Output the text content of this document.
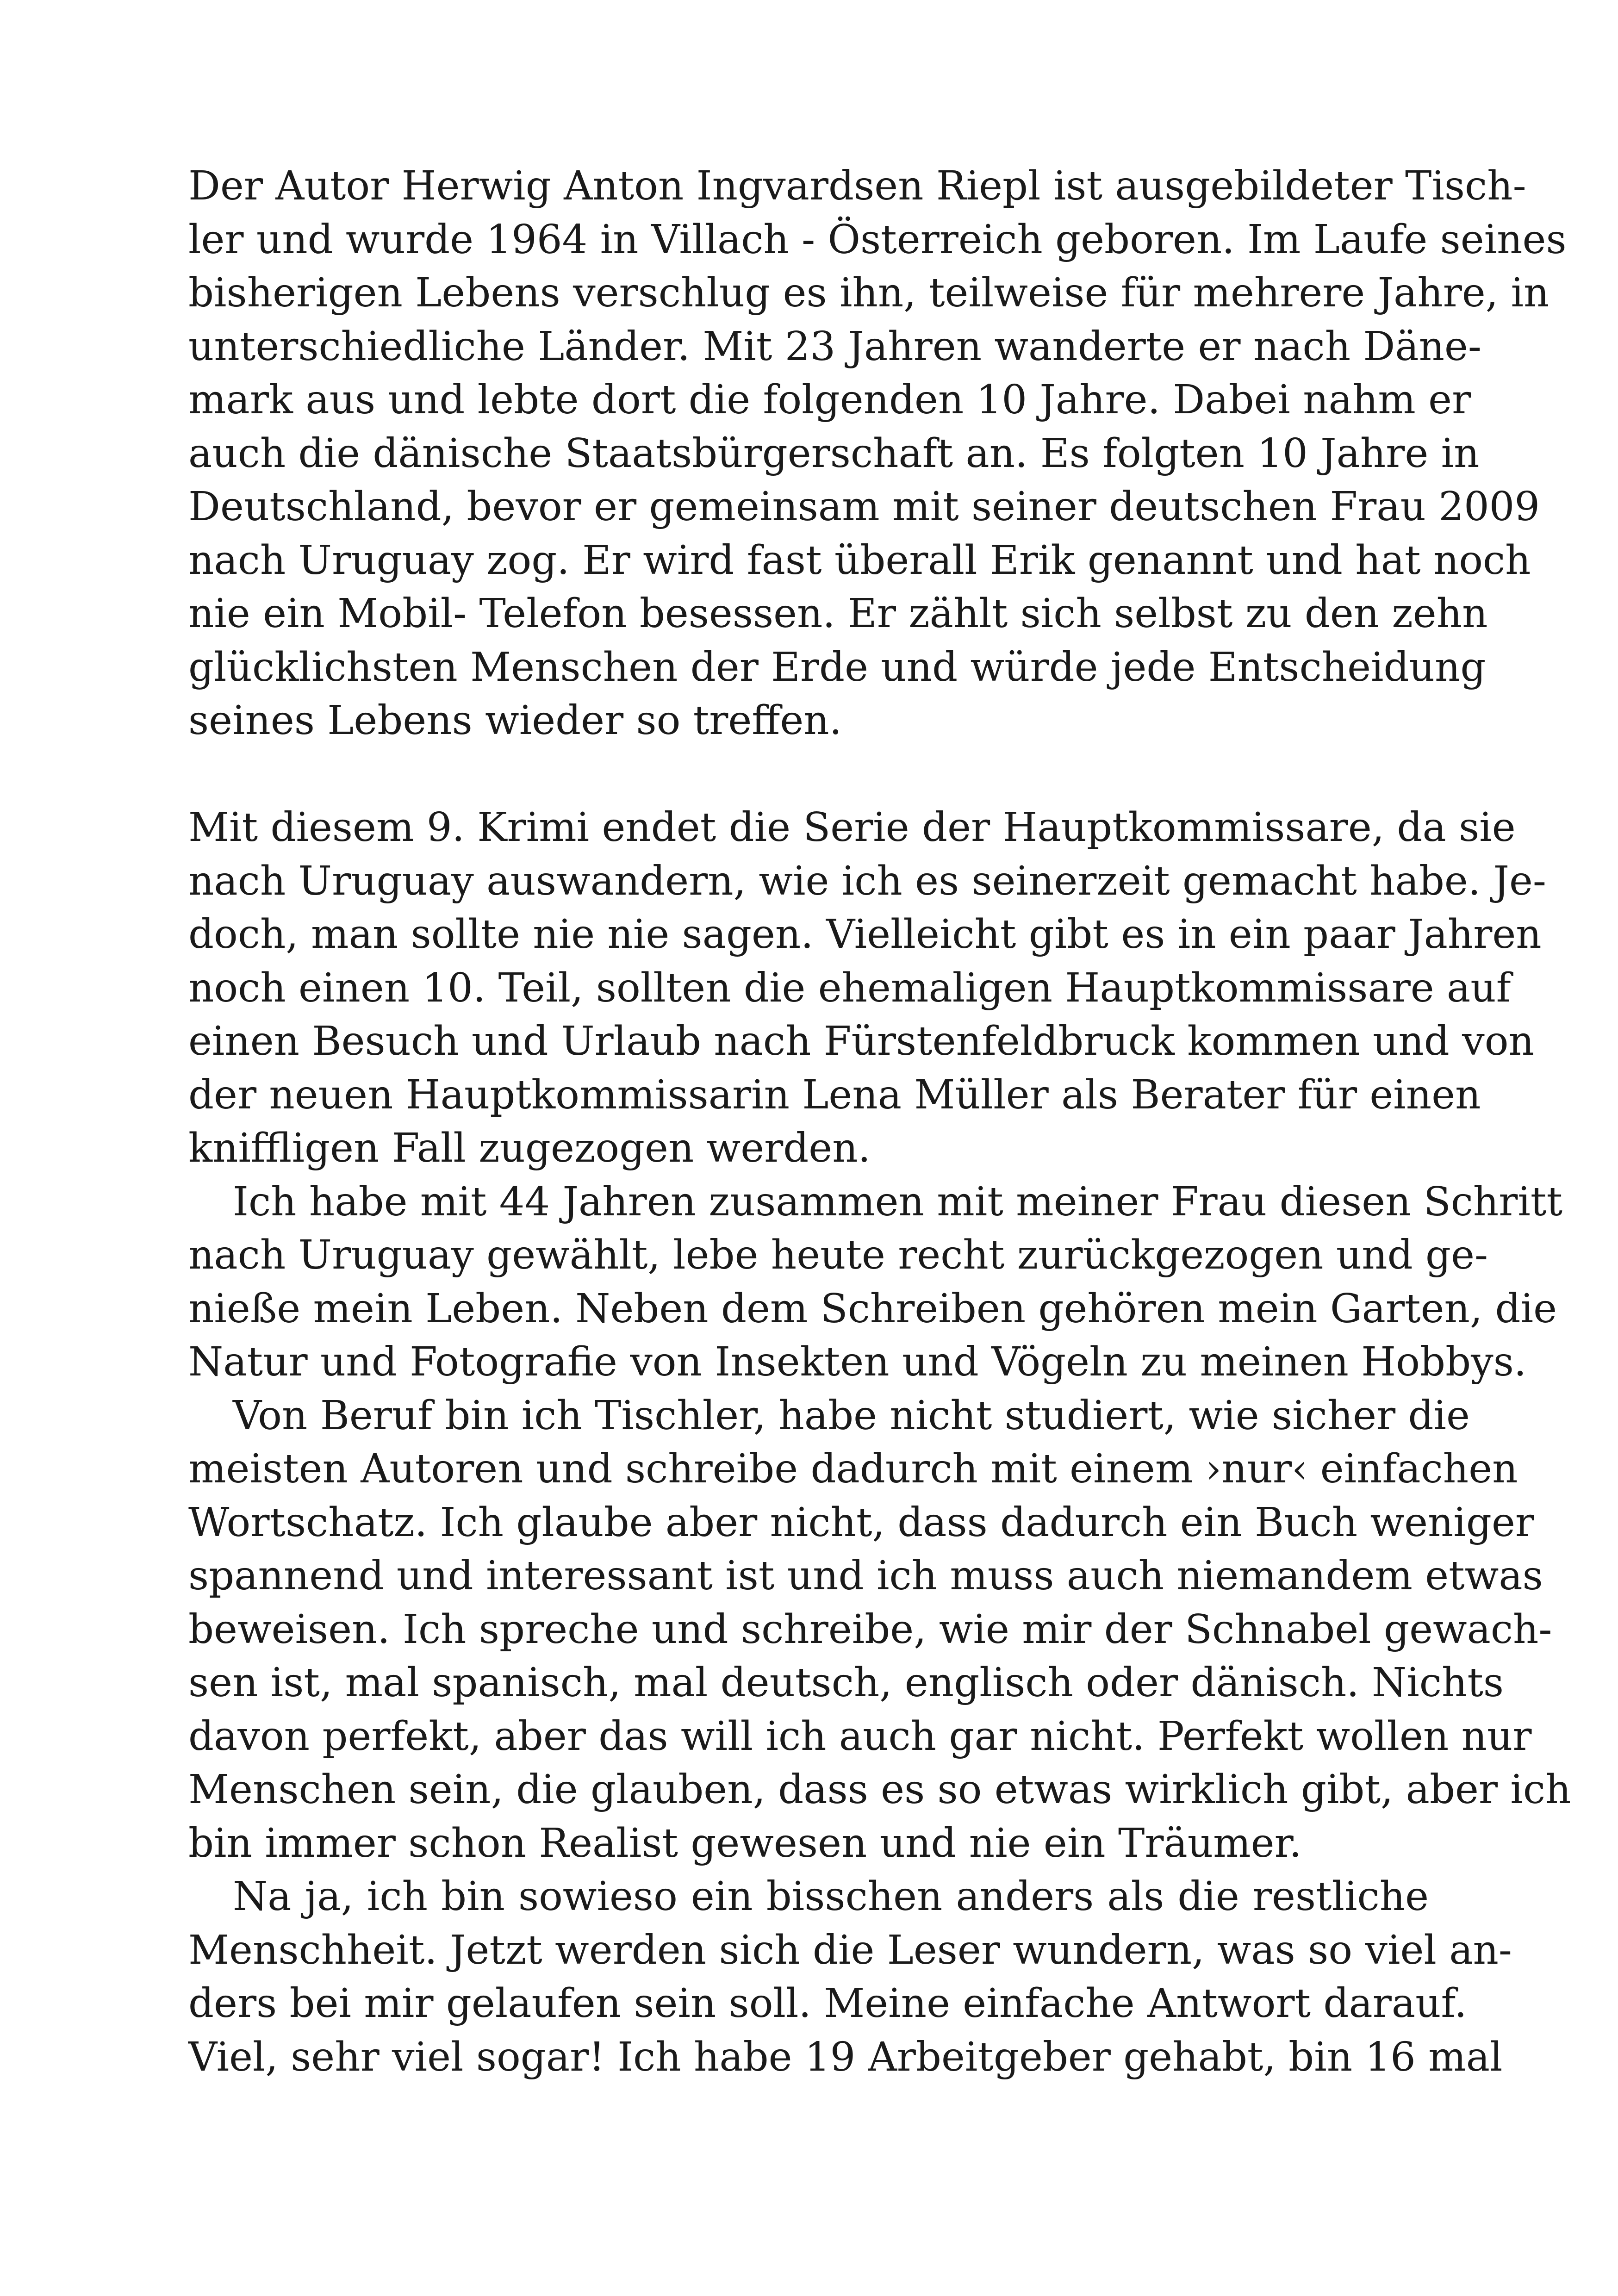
Der Autor Herwig Anton Ingvardsen Riepl ist ausgebildeter Tisch-
ler und wurde 1964 in Villach - Österreich geboren. Im Laufe seines
bisherigen Lebens verschlug es ihn, teilweise für mehrere Jahre, in
unterschiedliche Länder. Mit 23 Jahren wanderte er nach Däne-
mark aus und lebte dort die folgenden 10 Jahre. Dabei nahm er
auch die dänische Staatsbürgerschaft an. Es folgten 10 Jahre in
Deutschland, bevor er gemeinsam mit seiner deutschen Frau 2009
nach Uruguay zog. Er wird fast überall Erik genannt und hat noch
nie ein Mobil- Telefon besessen. Er zählt sich selbst zu den zehn
glücklichsten Menschen der Erde und würde jede Entscheidung
seines Lebens wieder so treffen.
Mit diesem 9. Krimi endet die Serie der Hauptkommissare, da sie
nach Uruguay auswandern, wie ich es seinerzeit gemacht habe. Je-
doch, man sollte nie nie sagen. Vielleicht gibt es in ein paar Jahren
noch einen 10. Teil, sollten die ehemaligen Hauptkommissare auf
einen Besuch und Urlaub nach Fürstenfeldbruck kommen und von
der neuen Hauptkommissarin Lena Müller als Berater für einen
kniffligen Fall zugezogen werden.
Ich habe mit 44 Jahren zusammen mit meiner Frau diesen Schritt
nach Uruguay gewählt, lebe heute recht zurückgezogen und ge-
nieße mein Leben. Neben dem Schreiben gehören mein Garten, die
Natur und Fotografie von Insekten und Vögeln zu meinen Hobbys.
Von Beruf bin ich Tischler, habe nicht studiert, wie sicher die
meisten Autoren und schreibe dadurch mit einem ›nur‹ einfachen
Wortschatz. Ich glaube aber nicht, dass dadurch ein Buch weniger
spannend und interessant ist und ich muss auch niemandem etwas
beweisen. Ich spreche und schreibe, wie mir der Schnabel gewach-
sen ist, mal spanisch, mal deutsch, englisch oder dänisch. Nichts
davon perfekt, aber das will ich auch gar nicht. Perfekt wollen nur
Menschen sein, die glauben, dass es so etwas wirklich gibt, aber ich
bin immer schon Realist gewesen und nie ein Träumer.
Na ja, ich bin sowieso ein bisschen anders als die restliche
Menschheit. Jetzt werden sich die Leser wundern, was so viel an-
ders bei mir gelaufen sein soll. Meine einfache Antwort darauf.
Viel, sehr viel sogar! Ich habe 19 Arbeitgeber gehabt, bin 16 mal
